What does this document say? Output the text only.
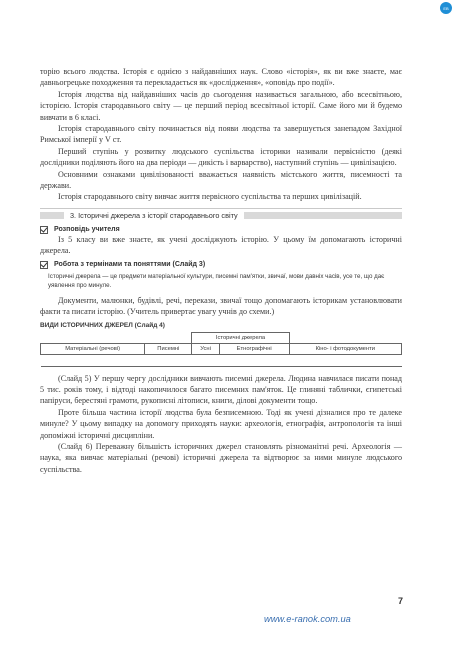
ЕВ

торію всього людства. Історія є однією з найдавніших наук. Слово «історія», як ви вже знаєте, має давньогрецьке походження та перекладається як «дослідження», «оповідь про події».

Історія людства від найдавніших часів до сьогодення називається загальною, або всесвітньою, історією. Історія стародавнього світу — це перший період всесвітньої історії. Саме його ми й будемо вивчати в 6 класі.

Історія стародавнього світу починається від появи людства та завершується занепадом Західної Римської імперії у V ст.

Перший ступінь у розвитку людського суспільства історики називали первісністю (деякі дослідники поділяють його на два періоди — дикість і варварство), наступний ступінь — цивілізацією.

Основними ознаками цивілізованості вважається наявність містського життя, писемності та держави.

Історія стародавнього світу вивчає життя первісного суспільства та перших цивілізацій.

3. Історичні джерела з історії стародавнього світу
Розповідь учителя

Із 5 класу ви вже знаєте, як учені досліджують історію. У цьому їм допомагають історичні джерела.

Робота з термінами та поняттями (Слайд 3)

Історичні джерела — це предмети матеріальної культури, писемні пам'ятки, звичаї, мови давніх часів, усе те, що дає уявлення про минуле.

Документи, малюнки, будівлі, речі, перекази, звичаї тощо допомагають історикам установлювати факти та писати історію. (Учитель привертає увагу учнів до схеми.)

ВИДИ ІСТОРИЧНИХ ДЖЕРЕЛ (Слайд 4)
		Історичні джерела		
Матеріальні (речові)	Писемні	Усні	Етнографічні	Кіно- і фотодокументи

(Слайд 5) У першу чергу дослідники вивчають писемні джерела. Людина навчилася писати понад 5 тис. років тому, і відтоді накопичилося багато писемних пам'яток. Це глиняні таблички, єгипетські папіруси, берестяні грамоти, рукописні літописи, книги, ділові документи тощо.

Проте більша частина історії людства була безписемною. Тоді як учені дізналися про те далеке минуле? У цьому випадку на допомогу приходять науки: археологія, етнографія, антропологія та інші допоміжні історичні дисципліни.

(Слайд 6) Переважну більшість історичних джерел становлять різноманітні речі. Археологія — наука, яка вивчає матеріальні (речові) історичні джерела та відтворює за ними минуле людського суспільства.

7
www.e-ranok.com.ua
